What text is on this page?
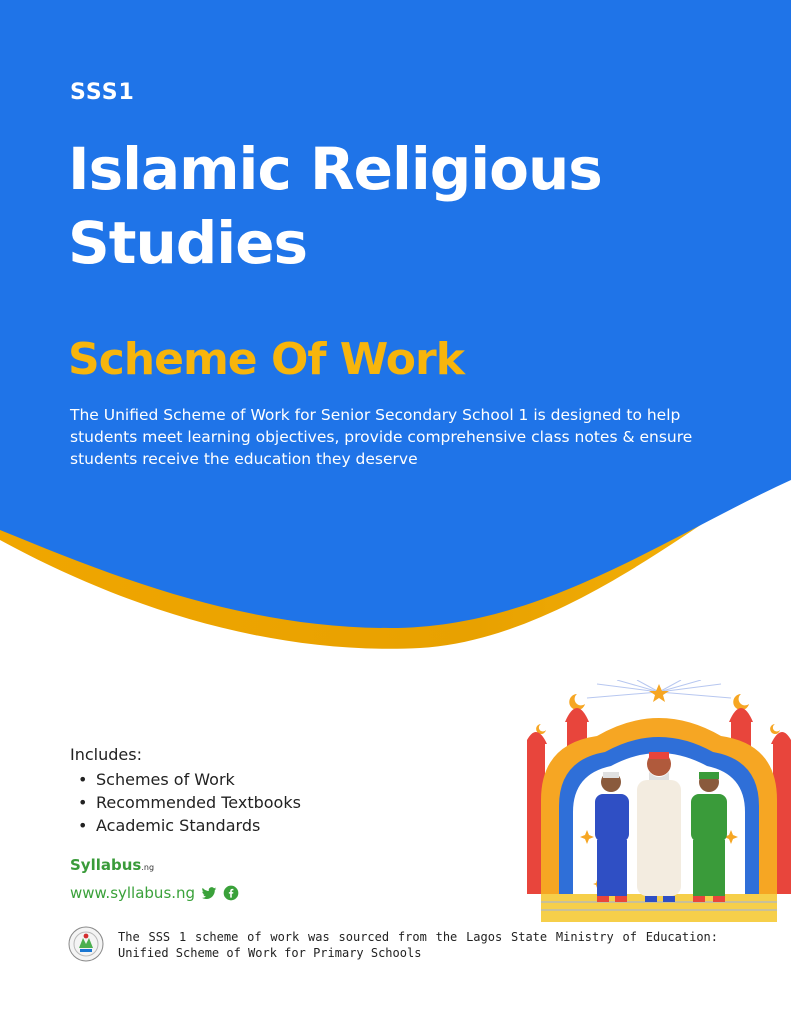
SSS1
Islamic Religious Studies
Scheme Of Work
The Unified Scheme of Work for Senior Secondary School 1 is designed to help students meet learning objectives, provide comprehensive class notes & ensure students receive the education they deserve
Includes:
• Schemes of Work
• Recommended Textbooks
• Academic Standards
Syllabus.ng
www.syllabus.ng
The SSS 1 scheme of work was sourced from the Lagos State Ministry of Education: Unified Scheme of Work for Primary Schools
